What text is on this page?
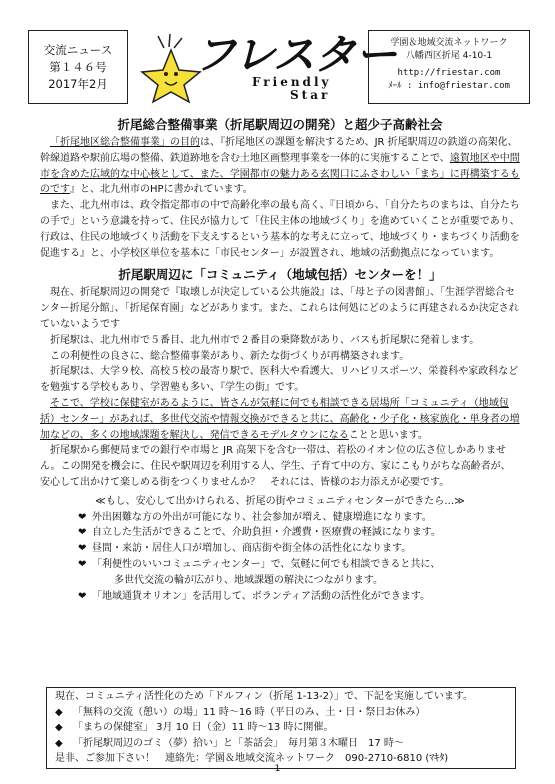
交流ニュース
第１４６号
2017年2月
フレスター
Friendly
Star
学園＆地域交流ネットワーク
八幡西区折尾 4-10-1
http://friestar.com
ﾒｰﾙ : info@friestar.com
折尾総合整備事業（折尾駅周辺の開発）と超少子高齢社会

「折尾地区総合整備事業」の目的は、『折尾地区の課題を解決するため、JR 折尾駅周辺の鉄道の高架化、幹線道路や駅前広場の整備、鉄道跡地を含む土地区画整理事業を一体的に実施することで、遠賀地区や中間市を含めた広域的な中心核として、また、学園都市の魅力ある玄関口にふさわしい「まち」に再構築するものです』と、北九州市のHPに書かれています。

また、北九州市は、政令指定都市の中で高齢化率の最も高く、『日頃から、「自分たちのまちは、自分たちの手で」という意識を持って、住民が協力して「住民主体の地域づくり」を進めていくことが重要であり、行政は、住民の地域づくり活動を下支えするという基本的な考えに立って、地域づくり・まちづくり活動を促進する』と、小学校区単位を基本に「市民センター」が設置され、地域の活動拠点になっています。

折尾駅周辺に「コミュニティ（地域包括）センターを！」

現在、折尾駅周辺の開発で『取壊しが決定している公共施設』は、「母と子の図書館」、「生涯学習総合センター折尾分館」、「折尾保育園」などがあります。また、これらは何処にどのように再建されるか決定されていないようです

折尾駅は、北九州市で５番目、北九州市で２番目の乗降数があり、バスも折尾駅に発着します。

この利便性の良さに、総合整備事業があり、新たな街づくりが再構築されます。

折尾駅は、大学９校、高校５校の最寄り駅で、医科大や看護大、リハビリスポーツ、栄養科や家政科などを勉強する学校もあり、学習塾も多い、『学生の街』です。

そこで、学校に保健室があるように、皆さんが気軽に何でも相談できる居場所「コミュニティ（地域包括）センター」があれば、多世代交流や情報交換ができると共に、高齢化・少子化・核家族化・単身者の増加などの、多くの地域課題を解決し、発信できるモデルタウンになることと思います。

折尾駅から郵便局までの銀行や市場と JR 高架下を含む一帯は、若松のイオン位の広さ位しかありません。この開発を機会に、住民や駅周辺を利用する人、学生、子育て中の方、家にこもりがちな高齢者が、安心して出かけて楽しめる街をつくりませんか？　それには、皆様のお力添えが必要です。

≪もし、安心して出かけられる、折尾の街やコミュニティセンターができたら…≫
❤ 外出困難な方の外出が可能になり、社会参加が増え、健康増進になります。
❤ 自立した生活ができることで、介助負担・介護費・医療費の軽減になります。
❤ 昼間・来訪・居住人口が増加し、商店街や街全体の活性化になります。
❤ 「利便性のいいコミュニティセンター」で、気軽に何でも相談できると共に、
多世代交流の輪が広がり、地域課題の解決につながります。
❤ 「地域通貨オリオン」を活用して、ボランティア活動の活性化ができます。
現在、コミュニティ活性化のため「ドルフィン（折尾 1-13-2）」で、下記を実施しています。
◆ 「無料の交流（憩い）の場」11 時〜16 時（平日のみ、土・日・祭日お休み）
◆ 「まちの保健室」 3月 10 日（金）11 時〜13 時に開催。
◆ 「折尾駅周辺のゴミ（夢）拾い」と「茶話会」　毎月第３木曜日　17 時〜
是非、ご参加下さい！　連絡先：学園＆地域交流ネットワーク　090-2710-6810 (ﾏｷﾀ)
1
